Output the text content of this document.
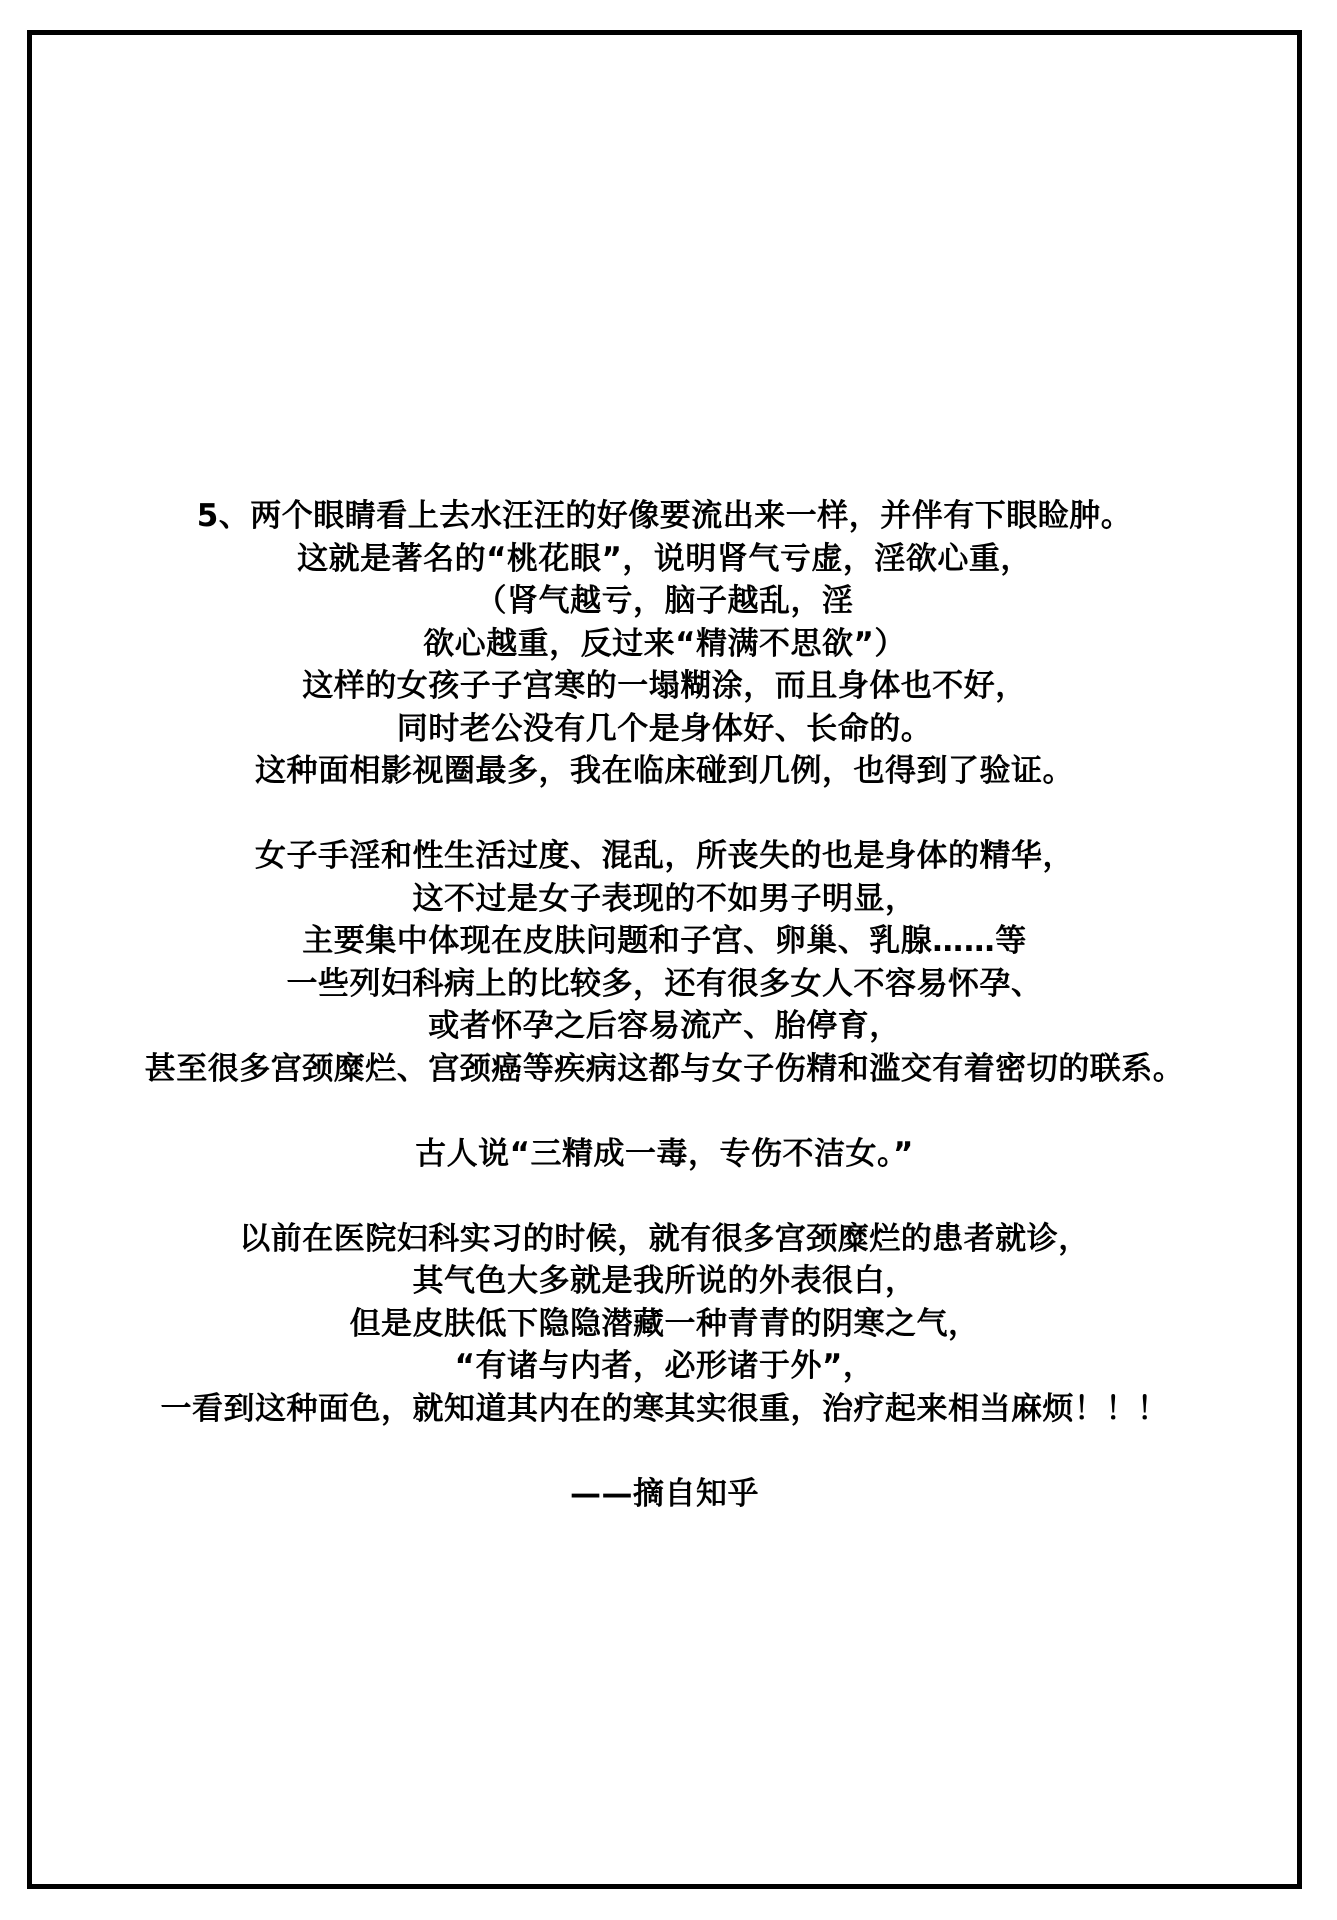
5、两个眼睛看上去水汪汪的好像要流出来一样，并伴有下眼睑肿。
这就是著名的“桃花眼”，说明肾气亏虚，淫欲心重，
（肾气越亏，脑子越乱，淫
欲心越重，反过来“精满不思欲”）
这样的女孩子子宫寒的一塌糊涂，而且身体也不好，
同时老公没有几个是身体好、长命的。
这种面相影视圈最多，我在临床碰到几例，也得到了验证。
女子手淫和性生活过度、混乱，所丧失的也是身体的精华，
这不过是女子表现的不如男子明显，
主要集中体现在皮肤问题和子宫、卵巢、乳腺……等
一些列妇科病上的比较多，还有很多女人不容易怀孕、
或者怀孕之后容易流产、胎停育，
甚至很多宫颈糜烂、宫颈癌等疾病这都与女子伤精和滥交有着密切的联系。
古人说“三精成一毒，专伤不洁女。”
以前在医院妇科实习的时候，就有很多宫颈糜烂的患者就诊，
其气色大多就是我所说的外表很白，
但是皮肤低下隐隐潜藏一种青青的阴寒之气，
“有诸与内者，必形诸于外”，
一看到这种面色，就知道其内在的寒其实很重，治疗起来相当麻烦！！！
——摘自知乎
